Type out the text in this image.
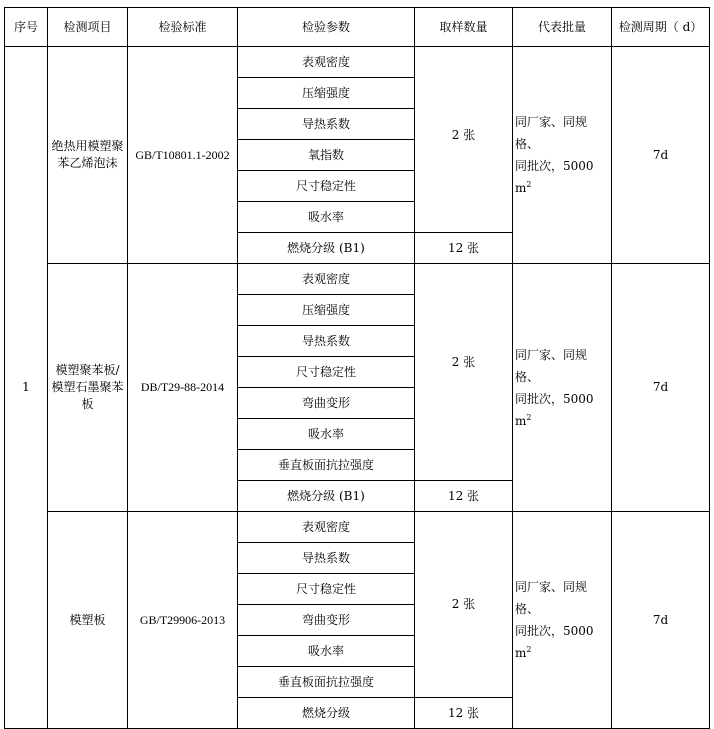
序号	检测项目	检验标准	检验参数	取样数量	代表批量	检测周期（ d）
1	绝热用模塑聚苯乙烯泡沫	GB/T10801.1-2002	表观密度	2 张	同厂家、同规格、
同批次，5000 $m^2$	7d
			压缩强度			
			导热系数			
			氧指数			
			尺寸稳定性			
			吸水率			
			燃烧分级 (B1)	12 张		
	模塑聚苯板/模塑石墨聚苯板	DB/T29-88-2014	表观密度	2 张	同厂家、同规格、
同批次，5000 $m^2$	7d
			压缩强度			
			导热系数			
			尺寸稳定性			
			弯曲变形			
			吸水率			
			垂直板面抗拉强度			
			燃烧分级 (B1)	12 张		
	模塑板	GB/T29906-2013	表观密度	2 张	同厂家、同规格、
同批次，5000 $m^2$	7d
			导热系数			
			尺寸稳定性			
			弯曲变形			
			吸水率			
			垂直板面抗拉强度			
			燃烧分级	12 张		
